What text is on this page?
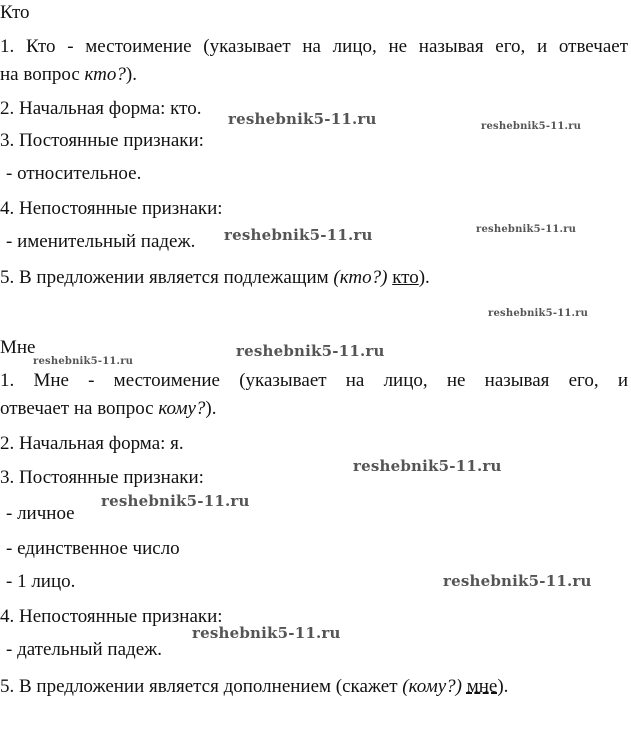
Кто
1. Кто - местоимение (указывает на лицо, не называя его, и отвечает
на вопрос кто?).
2. Начальная форма: кто.
3. Постоянные признаки:
- относительное.
4. Непостоянные признаки:
- именительный падеж.
5. В предложении является подлежащим (кто?) кто).
Мне
1. Мне - местоимение (указывает на лицо, не называя его, и
отвечает на вопрос кому?).
2. Начальная форма: я.
3. Постоянные признаки:
- личное
- единственное число
- 1 лицо.
4. Непостоянные признаки:
- дательный падеж.
5. В предложении является дополнением (скажет (кому?) мне).
reshebnik5-11.ru	reshebnik5-11.ru
reshebnik5-11.ru	reshebnik5-11.ru
reshebnik5-11.ru
reshebnik5-11.ru
reshebnik5-11.ru
reshebnik5-11.ru
reshebnik5-11.ru
reshebnik5-11.ru
reshebnik5-11.ru
